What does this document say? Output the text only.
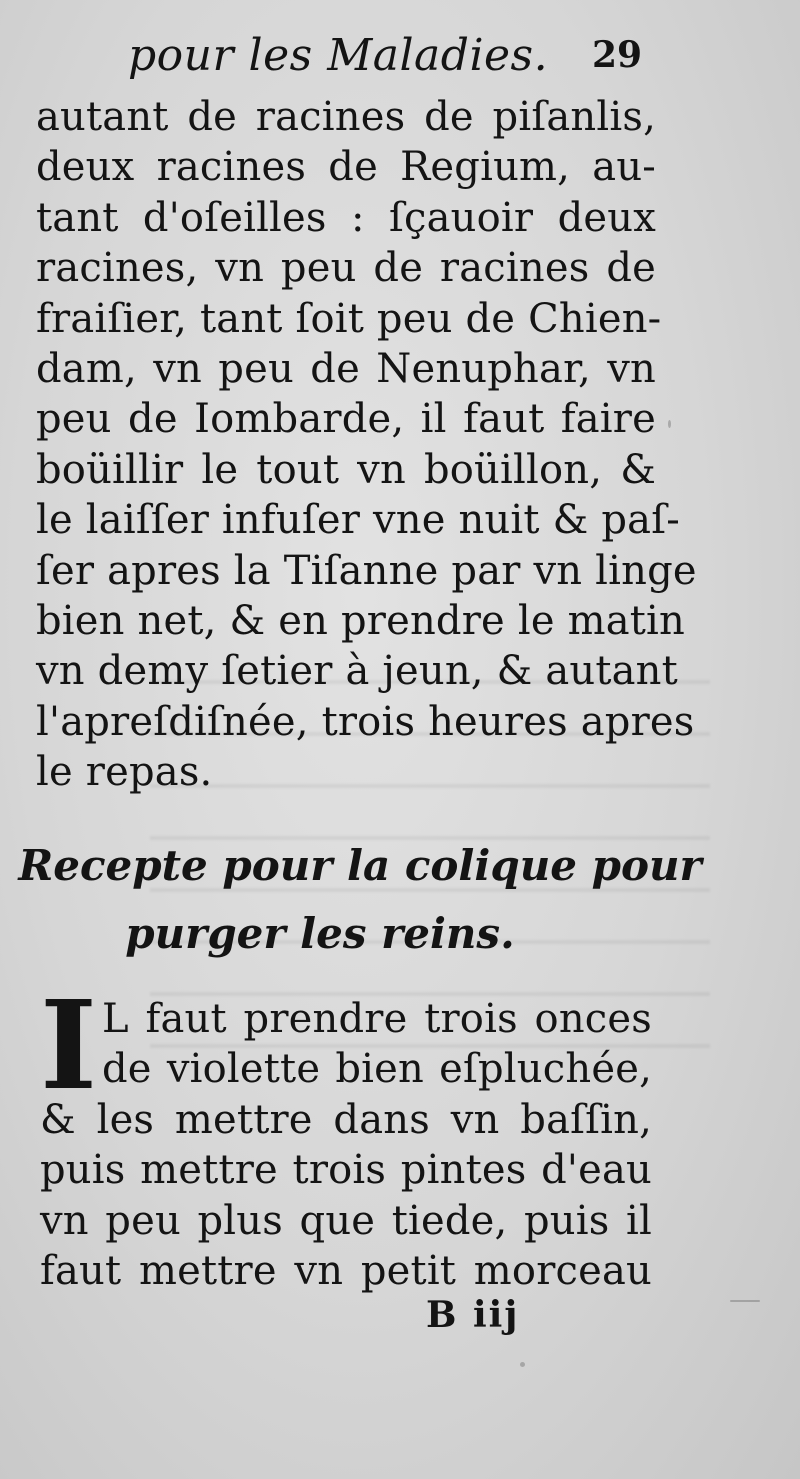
pour les Maladies. 29
autant de racines de piſanlis,
deux racines de Regium, au-
tant d'oſeilles : ſçauoir deux
racines, vn peu de racines de
fraiſier, tant ſoit peu de Chien-
dam, vn peu de Nenuphar, vn
peu de Iombarde, il faut faire
boüillir le tout vn boüillon, &
le laiſſer infuſer vne nuit & paſ-
ſer apres la Tiſanne par vn linge
bien net, & en prendre le matin
vn demy ſetier à jeun, & autant
l'apreſdiſnée, trois heures apres
le repas.
Recepte pour la colique pour
purger les reins.
I L faut prendre trois onces
de violette bien eſpluchée,
& les mettre dans vn baſſin,
puis mettre trois pintes d'eau
vn peu plus que tiede, puis il
faut mettre vn petit morceau
B iij
